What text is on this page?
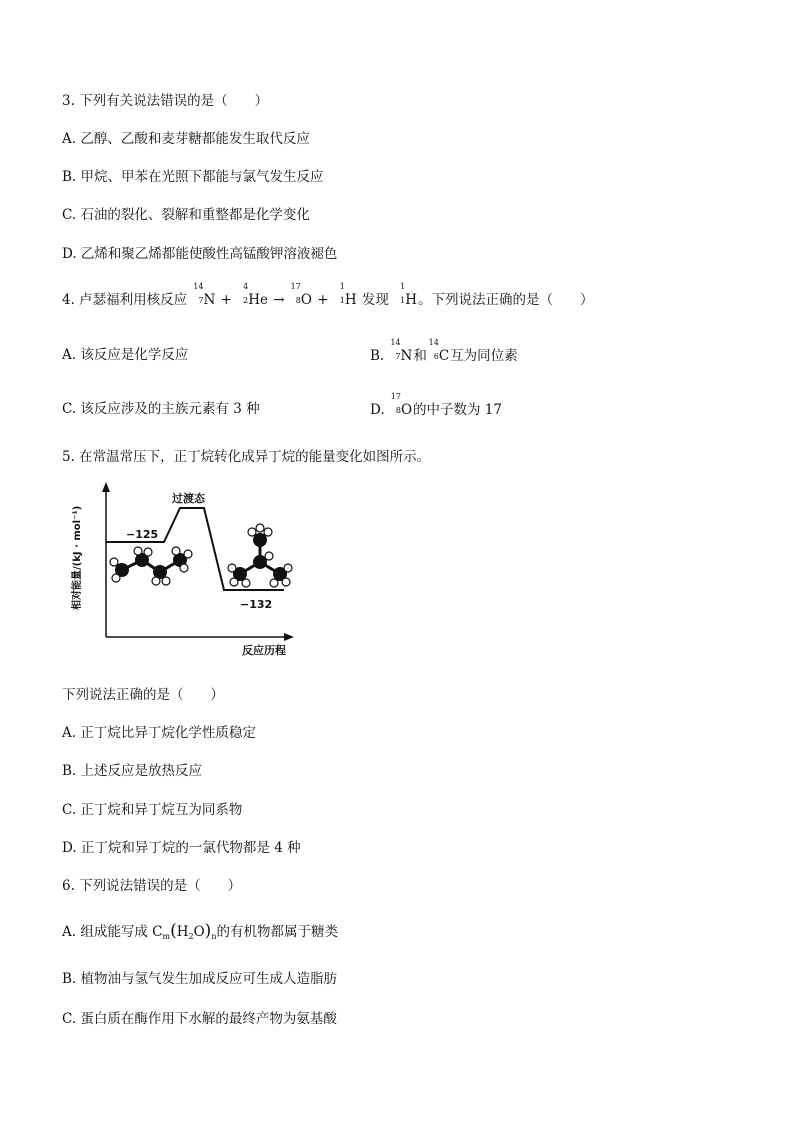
3. 下列有关说法错误的是（　　）
A. 乙醇、乙酸和麦芽糖都能发生取代反应
B. 甲烷、甲苯在光照下都能与氯气发生反应
C. 石油的裂化、裂解和重整都是化学变化
D. 乙烯和聚乙烯都能使酸性高锰酸钾溶液褪色
4. 卢瑟福利用核反应
14
7 N +
4
2 He →
17
8 O +
1
1 H 发现
1
1 H。下列说法正确的是（　　）
A. 该反应是化学反应	B.
14
7 N和
14
6 C互为同位素
C. 该反应涉及的主族元素有 3 种	D.
17
8 O的中子数为 17
5. 在常温常压下，正丁烷转化成异丁烷的能量变化如图所示。
相对能量/(kJ · mol⁻¹)
反应历程
过渡态
−125
−132
下列说法正确的是（　　）
A. 正丁烷比异丁烷化学性质稳定
B. 上述反应是放热反应
C. 正丁烷和异丁烷互为同系物
D. 正丁烷和异丁烷的一氯代物都是 4 种
6. 下列说法错误的是（　　）
A. 组成能写成 $C_m(H_2O)_n$的有机物都属于糖类
B. 植物油与氢气发生加成反应可生成人造脂肪
C. 蛋白质在酶作用下水解的最终产物为氨基酸
